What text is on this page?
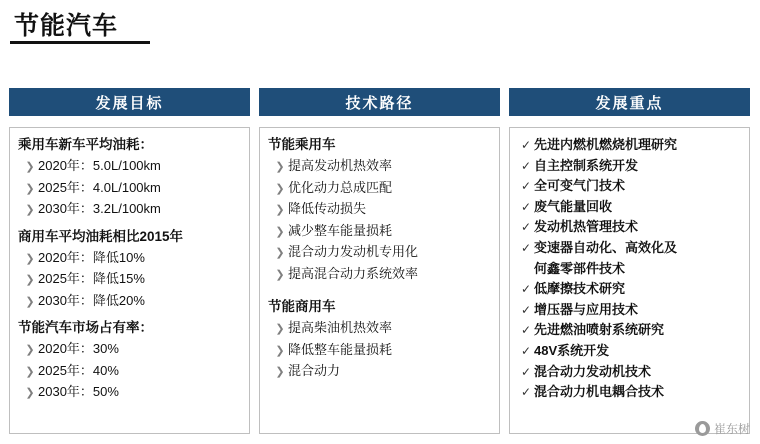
节能汽车
发展目标
乘用车新车平均油耗：
❯ 2020年：5.0L/100km
❯ 2025年：4.0L/100km
❯ 2030年：3.2L/100km
商用车平均油耗相比2015年
❯ 2020年：降低10%
❯ 2025年：降低15%
❯ 2030年：降低20%
节能汽车市场占有率：
❯ 2020年：30%
❯ 2025年：40%
❯ 2030年：50%
技术路径
节能乘用车
❯ 提高发动机热效率
❯ 优化动力总成匹配
❯ 降低传动损失
❯ 减少整车能量损耗
❯ 混合动力发动机专用化
❯ 提高混合动力系统效率
节能商用车
❯ 提高柴油机热效率
❯ 降低整车能量损耗
❯ 混合动力
发展重点
✓ 先进内燃机燃烧机理研究
✓ 自主控制系统开发
✓ 全可变气门技术
✓ 废气能量回收
✓ 发动机热管理技术
✓ 变速器自动化、高效化及

何鑫零部件技术
✓ 低摩擦技术研究
✓ 增压器与应用技术
✓ 先进燃油喷射系统研究
✓ 48V系统开发
✓ 混合动力发动机技术
✓ 混合动力机电耦合技术
崔东树
